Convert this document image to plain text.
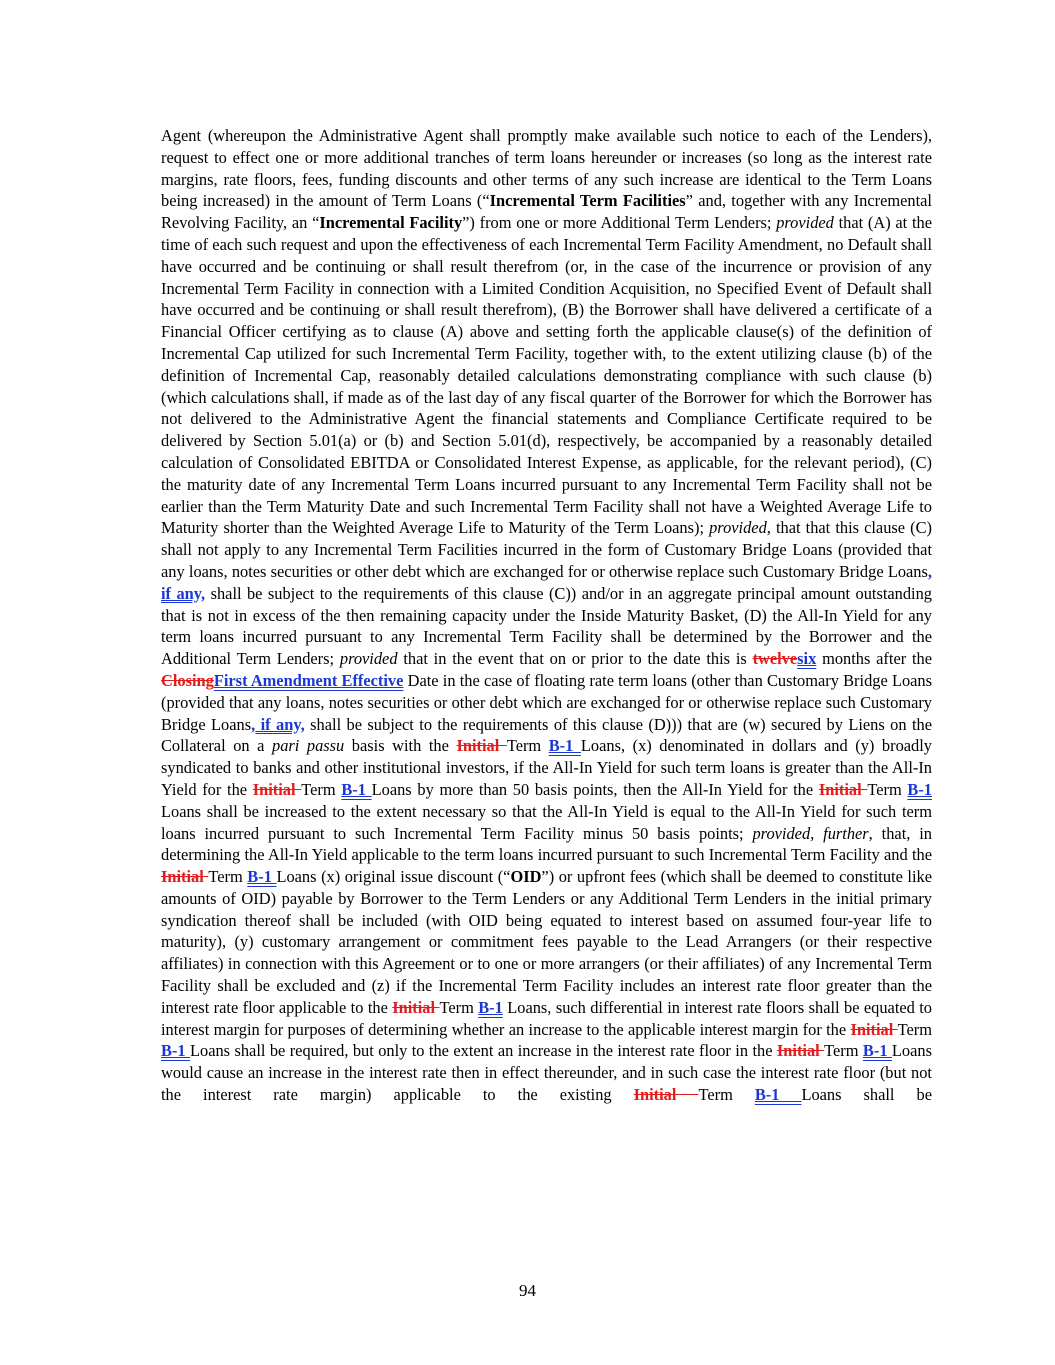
Agent (whereupon the Administrative Agent shall promptly make available such notice to each of the Lenders), request to effect one or more additional tranches of term loans hereunder or increases (so long as the interest rate margins, rate floors, fees, funding discounts and other terms of any such increase are identical to the Term Loans being increased) in the amount of Term Loans (“Incremental Term Facilities” and, together with any Incremental Revolving Facility, an “Incremental Facility”) from one or more Additional Term Lenders; provided that (A) at the time of each such request and upon the effectiveness of each Incremental Term Facility Amendment, no Default shall have occurred and be continuing or shall result therefrom (or, in the case of the incurrence or provision of any Incremental Term Facility in connection with a Limited Condition Acquisition, no Specified Event of Default shall have occurred and be continuing or shall result therefrom), (B) the Borrower shall have delivered a certificate of a Financial Officer certifying as to clause (A) above and setting forth the applicable clause(s) of the definition of Incremental Cap utilized for such Incremental Term Facility, together with, to the extent utilizing clause (b) of the definition of Incremental Cap, reasonably detailed calculations demonstrating compliance with such clause (b) (which calculations shall, if made as of the last day of any fiscal quarter of the Borrower for which the Borrower has not delivered to the Administrative Agent the financial statements and Compliance Certificate required to be delivered by Section 5.01(a) or (b) and Section 5.01(d), respectively, be accompanied by a reasonably detailed calculation of Consolidated EBITDA or Consolidated Interest Expense, as applicable, for the relevant period), (C) the maturity date of any Incremental Term Loans incurred pursuant to any Incremental Term Facility shall not be earlier than the Term Maturity Date and such Incremental Term Facility shall not have a Weighted Average Life to Maturity shorter than the Weighted Average Life to Maturity of the Term Loans); provided, that that this clause (C) shall not apply to any Incremental Term Facilities incurred in the form of Customary Bridge Loans (provided that any loans, notes securities or other debt which are exchanged for or otherwise replace such Customary Bridge Loans, if any, shall be subject to the requirements of this clause (C)) and/or in an aggregate principal amount outstanding that is not in excess of the then remaining capacity under the Inside Maturity Basket, (D) the All-In Yield for any term loans incurred pursuant to any Incremental Term Facility shall be determined by the Borrower and the Additional Term Lenders; provided that in the event that on or prior to the date this is twelvesix months after the ClosingFirst Amendment Effective Date in the case of floating rate term loans (other than Customary Bridge Loans (provided that any loans, notes securities or other debt which are exchanged for or otherwise replace such Customary Bridge Loans, if any, shall be subject to the requirements of this clause (D))) that are (w) secured by Liens on the Collateral on a pari passu basis with the Initial Term B-1 Loans, (x) denominated in dollars and (y) broadly syndicated to banks and other institutional investors, if the All-In Yield for such term loans is greater than the All-In Yield for the Initial Term B-1 Loans by more than 50 basis points, then the All-In Yield for the Initial Term B-1 Loans shall be increased to the extent necessary so that the All-In Yield is equal to the All-In Yield for such term loans incurred pursuant to such Incremental Term Facility minus 50 basis points; provided, further, that, in determining the All-In Yield applicable to the term loans incurred pursuant to such Incremental Term Facility and the Initial Term B-1 Loans (x) original issue discount (“OID”) or upfront fees (which shall be deemed to constitute like amounts of OID) payable by Borrower to the Term Lenders or any Additional Term Lenders in the initial primary syndication thereof shall be included (with OID being equated to interest based on assumed four-year life to maturity), (y) customary arrangement or commitment fees payable to the Lead Arrangers (or their respective affiliates) in connection with this Agreement or to one or more arrangers (or their affiliates) of any Incremental Term Facility shall be excluded and (z) if the Incremental Term Facility includes an interest rate floor greater than the interest rate floor applicable to the Initial Term B-1 Loans, such differential in interest rate floors shall be equated to interest margin for purposes of determining whether an increase to the applicable interest margin for the Initial Term B-1 Loans shall be required, but only to the extent an increase in the interest rate floor in the Initial Term B-1 Loans would cause an increase in the interest rate then in effect thereunder, and in such case the interest rate floor (but not the interest rate margin) applicable to the existing Initial Term B-1 Loans shall be

94
